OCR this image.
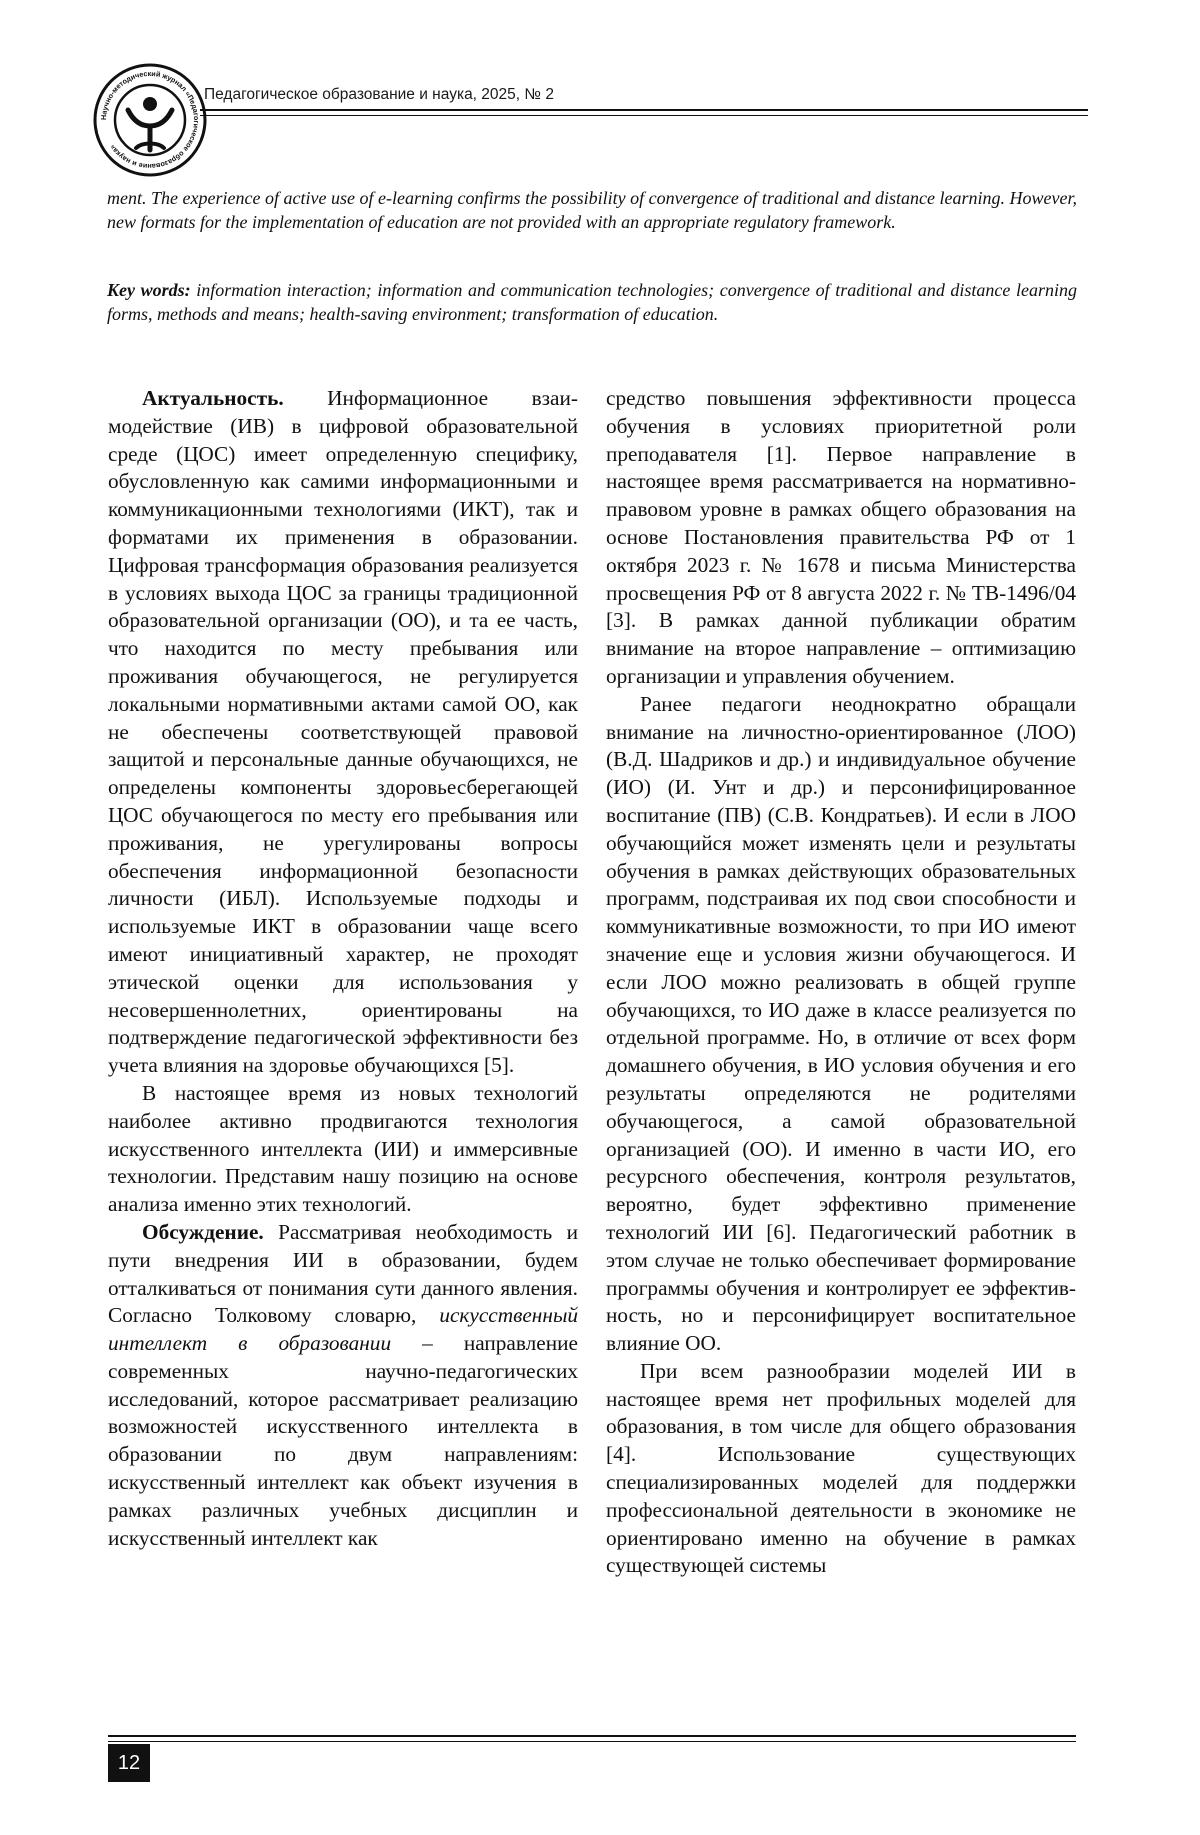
Научно-методический журнал «Педагогическое образование и наука»
Педагогическое образование и наука, 2025, № 2

ment. The experience of active use of e-learning confirms the possibility of convergence of traditional and distance learning. However, new formats for the implementation of education are not provided with an appropriate regulatory framework.

Key words: information interaction; information and communication technologies; convergence of traditional and distance learning forms, methods and means; health-saving environment; transformation of education.

Актуальность. Информационное взаимодействие (ИВ) в цифровой образовательной среде (ЦОС) имеет определенную специфику, обусловленную как самими информационными и коммуникационными технологиями (ИКТ), так и форматами их применения в образовании. Цифровая трансформация образования реализуется в условиях выхода ЦОС за границы традиционной образовательной организации (ОО), и та ее часть, что находится по месту пребывания или проживания обучающегося, не регулируется локальными нормативными актами самой ОО, как не обеспечены соответствующей правовой защитой и персональные данные обучающихся, не определены компоненты здоровьесберегающей ЦОС обучающегося по месту его пребывания или проживания, не урегулированы вопросы обеспечения информационной безопасности личности (ИБЛ). Используемые подходы и используемые ИКТ в образовании чаще всего имеют инициативный характер, не проходят этической оценки для использования у несовершеннолетних, ориентированы на подтверждение педагогической эффективности без учета влияния на здоровье обучающихся [5].

В настоящее время из новых технологий наиболее активно продвигаются технология искусственного интеллекта (ИИ) и иммерсивные технологии. Представим нашу позицию на основе анализа именно этих технологий.

Обсуждение. Рассматривая необходимость и пути внедрения ИИ в образовании, будем отталкиваться от понимания сути данного явления. Согласно Толковому словарю, искусственный интеллект в образовании – направление современных научно-педагогических исследований, которое рассматривает реализацию возможностей искусственного интеллекта в образовании по двум направлениям: искусственный интеллект как объект изучения в рамках различных учебных дисциплин и искусственный интеллект как

средство повышения эффективности процесса обучения в условиях приоритетной роли преподавателя [1]. Первое направление в настоящее время рассматривается на нормативно-правовом уровне в рамках общего образования на основе Постановления правительства РФ от 1 октября 2023 г. № 1678 и письма Министерства просвещения РФ от 8 августа 2022 г. № ТВ-1496/04 [3]. В рамках данной публикации обратим внимание на второе направление – оптимизацию организации и управления обучением.

Ранее педагоги неоднократно обращали внимание на личностно-ориентированное (ЛОО) (В.Д. Шадриков и др.) и индивидуальное обучение (ИО) (И. Унт и др.) и персонифицированное воспитание (ПВ) (С.В. Кондратьев). И если в ЛОО обучающийся может изменять цели и результаты обучения в рамках действующих образовательных программ, подстраивая их под свои способности и коммуникативные возможности, то при ИО имеют значение еще и условия жизни обучающегося. И если ЛОО можно реализовать в общей группе обучающихся, то ИО даже в классе реализуется по отдельной программе. Но, в отличие от всех форм домашнего обучения, в ИО условия обучения и его результаты определяются не родителями обучающегося, а самой образовательной организацией (ОО). И именно в части ИО, его ресурсного обеспечения, контроля результатов, вероятно, будет эффективно применение технологий ИИ [6]. Педагогический работник в этом случае не только обеспечивает формирование программы обучения и контролирует ее эффективность, но и персонифицирует воспитательное влияние ОО.

При всем разнообразии моделей ИИ в настоящее время нет профильных моделей для образования, в том числе для общего образования [4]. Использование существующих специализированных моделей для поддержки профессиональной деятельности в экономике не ориентировано именно на обучение в рамках существующей системы

12
